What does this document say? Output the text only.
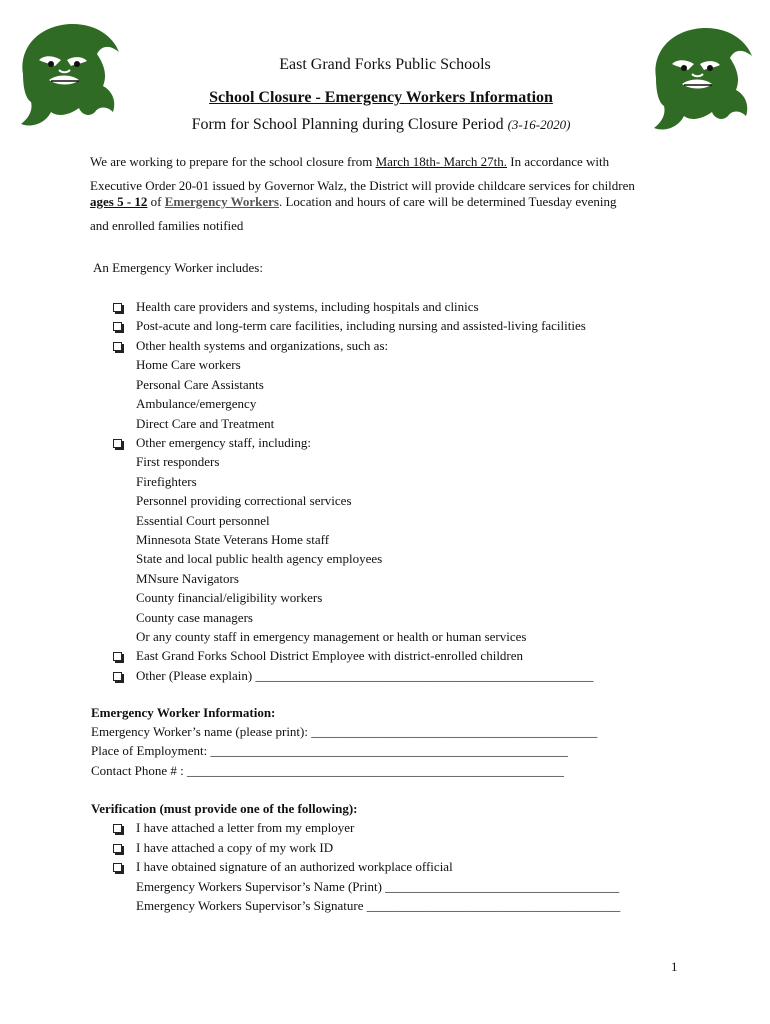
East Grand Forks Public Schools
School Closure - Emergency Workers Information
Form for School Planning during Closure Period (3-16-2020)
We are working to prepare for the school closure from March 18th- March 27th. In accordance with
Executive Order 20-01 issued by Governor Walz, the District will provide childcare services for children
ages 5 - 12 of Emergency Workers. Location and hours of care will be determined Tuesday evening
and enrolled families notified
An Emergency Worker includes:
Health care providers and systems, including hospitals and clinics
Post-acute and long-term care facilities, including nursing and assisted-living facilities
Other health systems and organizations, such as:
Home Care workers
Personal Care Assistants
Ambulance/emergency
Direct Care and Treatment
Other emergency staff, including:
First responders
Firefighters
Personnel providing correctional services
Essential Court personnel
Minnesota State Veterans Home staff
State and local public health agency employees
MNsure Navigators
County financial/eligibility workers
County case managers
Or any county staff in emergency management or health or human services
East Grand Forks School District Employee with district-enrolled children
Other (Please explain) ____________________________________________________
Emergency Worker Information:
Emergency Worker’s name (please print): ____________________________________________
Place of Employment: _______________________________________________________
Contact Phone # : __________________________________________________________
Verification (must provide one of the following):
I have attached a letter from my employer
I have attached a copy of my work ID
I have obtained signature of an authorized workplace official
Emergency Workers Supervisor’s Name (Print) ____________________________________
Emergency Workers Supervisor’s Signature _______________________________________
1
